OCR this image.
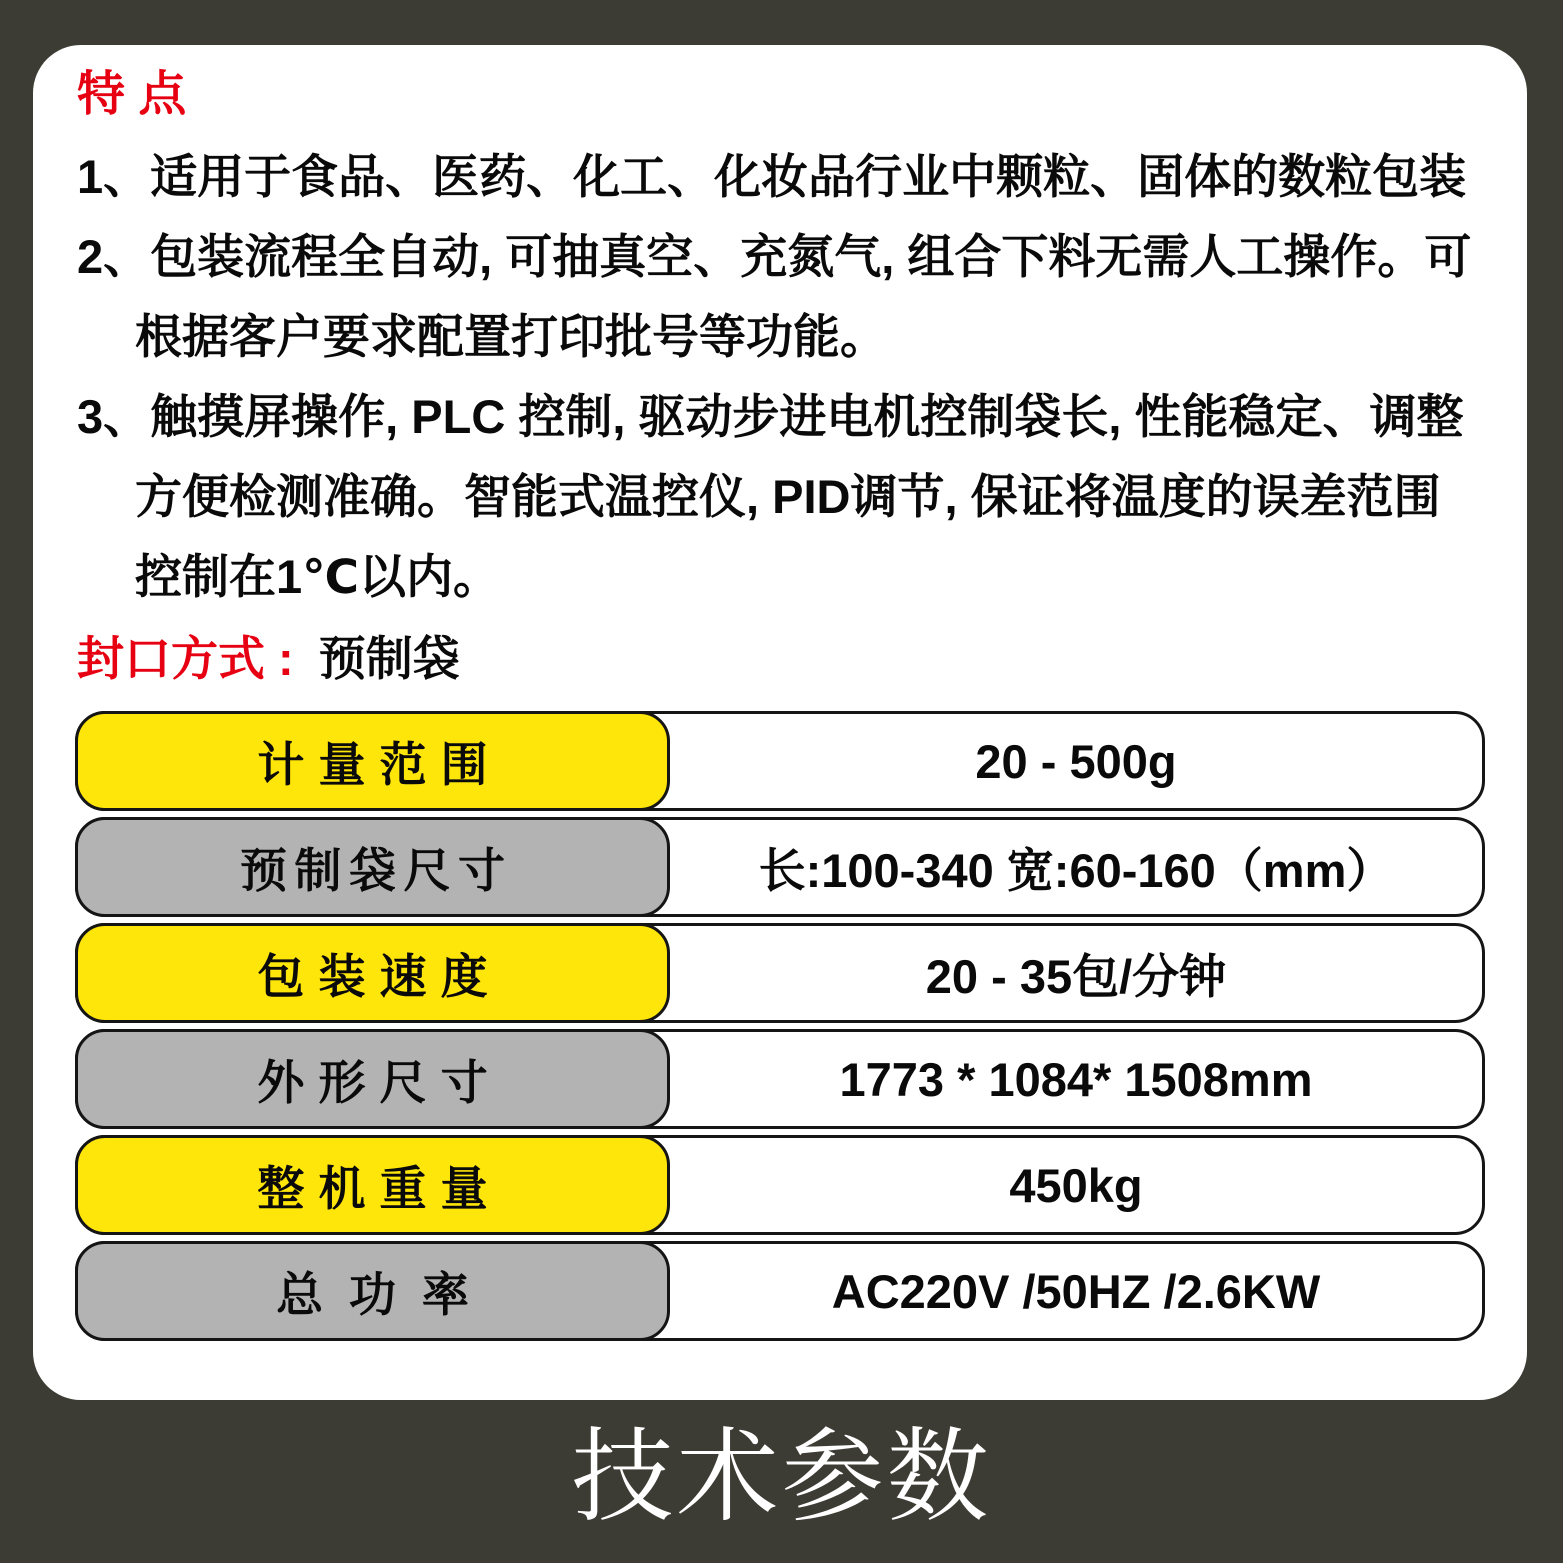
特 点
1、适用于食品、医药、化工、化妆品行业中颗粒、固体的数粒包装
2、包装流程全自动, 可抽真空、充氮气, 组合下料无需人工操作。可根据客户要求配置打印批号等功能。
3、触摸屏操作, PLC 控制, 驱动步进电机控制袋长, 性能稳定、调整方便检测准确。智能式温控仪, PID调节, 保证将温度的误差范围控制在1℃以内。
封口方式 : 预制袋
20 - 500g
计量范围
长:100-340 宽:60-160（mm）
预制袋尺寸
20 - 35包/分钟
包装速度
1773 * 1084* 1508mm
外形尺寸
450kg
整机重量
AC220V /50HZ /2.6KW
总功率
技术参数
